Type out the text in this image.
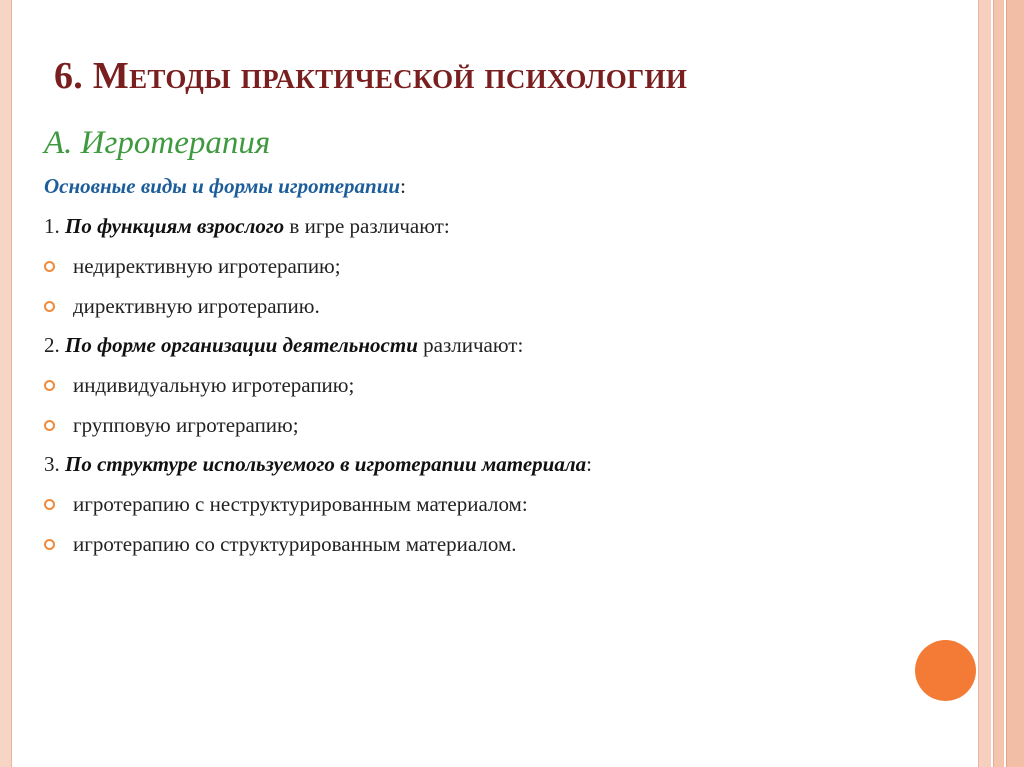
6. Методы практической психологии
А. Игротерапия
Основные виды и формы игротерапии:
1. По функциям взрослого в игре различают:
недирективную игротерапию;
директивную игротерапию.
2. По форме организации деятельности различают:
индивидуальную игротерапию;
групповую игротерапию;
3. По структуре используемого в игротерапии материала:
игротерапию с неструктурированным материалом:
игротерапию со структурированным материалом.
